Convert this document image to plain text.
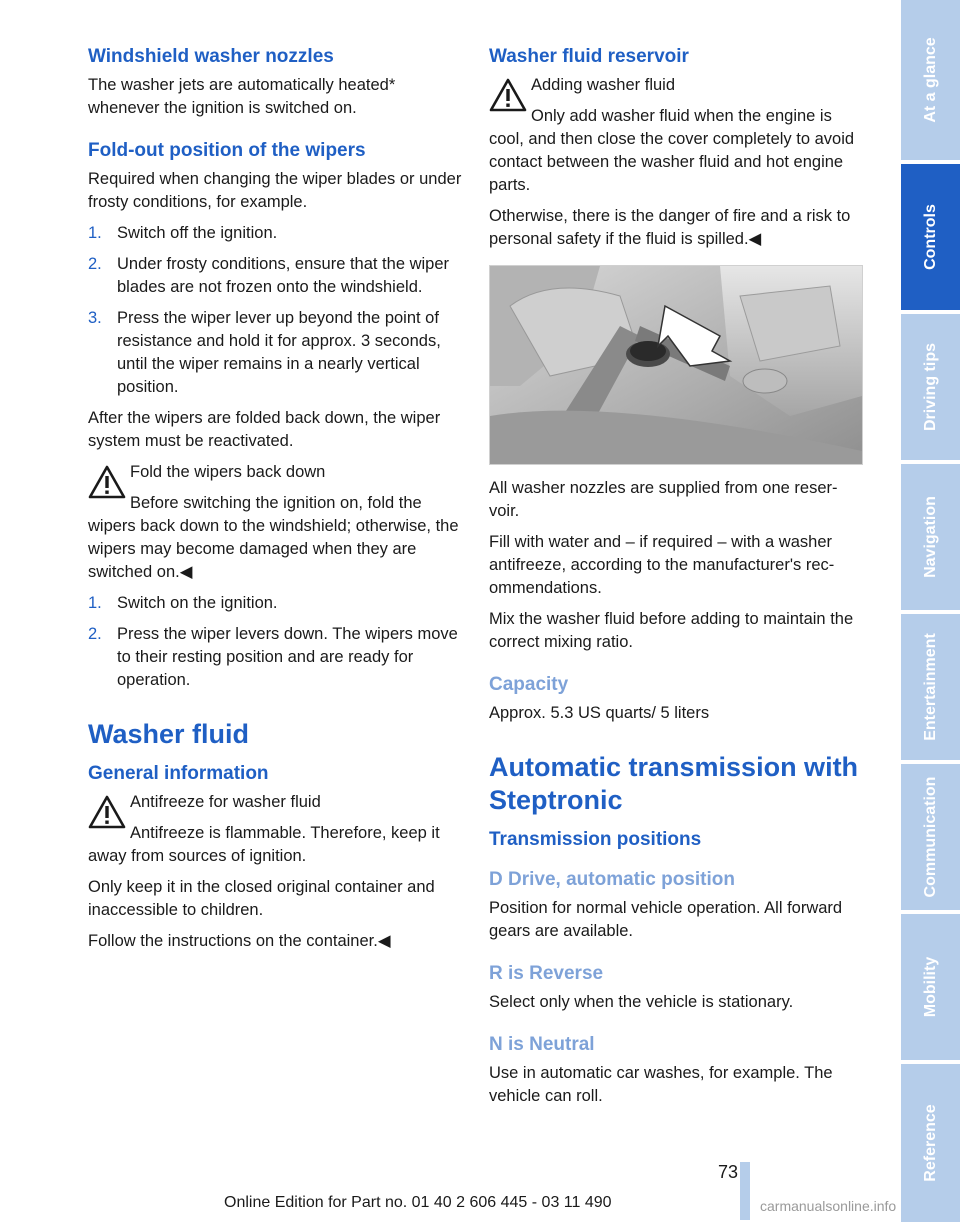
Windshield washer nozzles

The washer jets are automatically heated* whenever the ignition is switched on.

Fold-out position of the wipers

Required when changing the wiper blades or under frosty conditions, for example.

1. Switch off the ignition.
2. Under frosty conditions, ensure that the wiper blades are not frozen onto the windshield.
3. Press the wiper lever up beyond the point of resistance and hold it for approx. 3 seconds, until the wiper remains in a nearly vertical position.

After the wipers are folded back down, the wiper system must be reactivated.

Fold the wipers back down

Before switching the ignition on, fold the wipers back down to the windshield; otherwise, the wipers may become damaged when they are switched on.◀

1. Switch on the ignition.
2. Press the wiper levers down. The wipers move to their resting position and are ready for operation.
Washer fluid
General information

Antifreeze for washer fluid

Antifreeze is flammable. Therefore, keep it away from sources of ignition.

Only keep it in the closed original container and inaccessible to children.

Follow the instructions on the container.◀

Washer fluid reservoir

Adding washer fluid

Only add washer fluid when the engine is cool, and then close the cover completely to avoid contact between the washer fluid and hot engine parts.

Otherwise, there is the danger of fire and a risk to personal safety if the fluid is spilled.◀

All washer nozzles are supplied from one reservoir.

Fill with water and – if required – with a washer antifreeze, according to the manufacturer's recommendations.

Mix the washer fluid before adding to maintain the correct mixing ratio.

Capacity

Approx. 5.3 US quarts/ 5 liters

Automatic transmission with Steptronic
Transmission positions
D Drive, automatic position

Position for normal vehicle operation. All forward gears are available.

R is Reverse

Select only when the vehicle is stationary.

N is Neutral

Use in automatic car washes, for example. The vehicle can roll.

At a glance
Controls
Driving tips
Navigation
Entertainment
Communication
Mobility
Reference
73
Online Edition for Part no. 01 40 2 606 445 - 03 11 490	carmanualsonline.info
